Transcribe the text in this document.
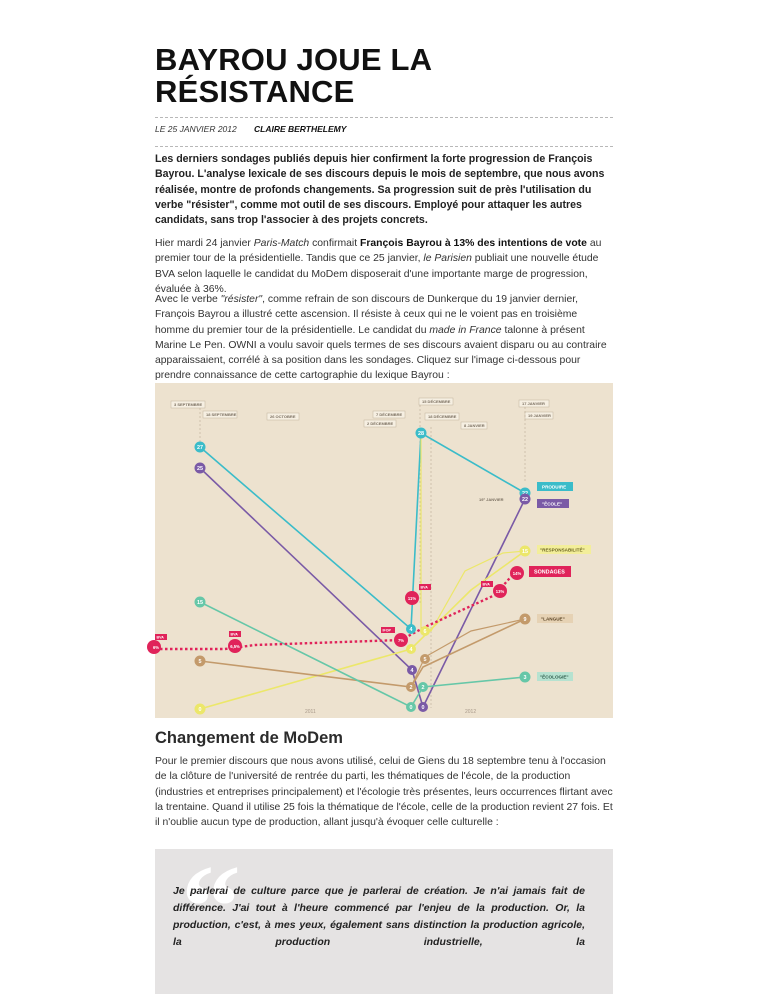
BAYROU JOUE LA RÉSISTANCE
LE 25 JANVIER 2012 CLAIRE BERTHELEMY

Les derniers sondages publiés depuis hier confirment la forte progression de François Bayrou. L'analyse lexicale de ses discours depuis le mois de septembre, que nous avons réalisée, montre de profonds changements. Sa progression suit de près l'utilisation du verbe "résister", comme mot outil de ses discours. Employé pour attaquer les autres candidats, sans trop l'associer à des projets concrets.

Hier mardi 24 janvier Paris-Match confirmait François Bayrou à 13% des intentions de vote au premier tour de la présidentielle. Tandis que ce 25 janvier, le Parisien publiait une nouvelle étude BVA selon laquelle le candidat du MoDem disposerait d'une importante marge de progression, évaluée à 36%.

Avec le verbe "résister", comme refrain de son discours de Dunkerque du 19 janvier dernier, François Bayrou a illustré cette ascension. Il résiste à ceux qui ne le voient pas en troisième homme du premier tour de la présidentielle. Le candidat du made in France talonne à présent Marine Le Pen. OWNI a voulu savoir quels termes de ses discours avaient disparu ou au contraire apparaissaient, corrélé à sa position dans les sondages. Cliquez sur l'image ci-dessous pour prendre connaissance de cette cartographie du lexique Bayrou :

3 SEPTEMBRE
18 SEPTEMBRE	26 OCTOBRE	7 DÉCEMBRE
2 DÉCEMBRE
15 DÉCEMBRE
18 DÉCEMBRE
8 JANVIER
17 JANVIER
19 JANVIER
19° JANVIER
BVA
BVA
IFOP
BVA
BVA
6%	6,5%
7%
11%
13%
14%
27
25
15
5
0
28
4 6
4
5
4
2 2
0 0
22
15
9
3
PRODUIRE
"ÉCOLE"
"RESPONSABILITÉ"
SONDAGES
"LANGUE"
"ÉCOLOGIE"
2011	2012
Changement de MoDem

Pour le premier discours que nous avons utilisé, celui de Giens du 18 septembre tenu à l'occasion de la clôture de l'université de rentrée du parti, les thématiques de l'école, de la production (industries et entreprises principalement) et l'écologie très présentes, leurs occurrences flirtant avec la trentaine. Quand il utilise 25 fois la thématique de l'école, celle de la production revient 27 fois. Et il n'oublie aucun type de production, allant jusqu'à évoquer celle culturelle :

“

Je parlerai de culture parce que je parlerai de création. Je n'ai jamais fait de différence. J'ai tout à l'heure commencé par l'enjeu de la production. Or, la production, c'est, à mes yeux, également sans distinction la production agricole, la production industrielle, la
